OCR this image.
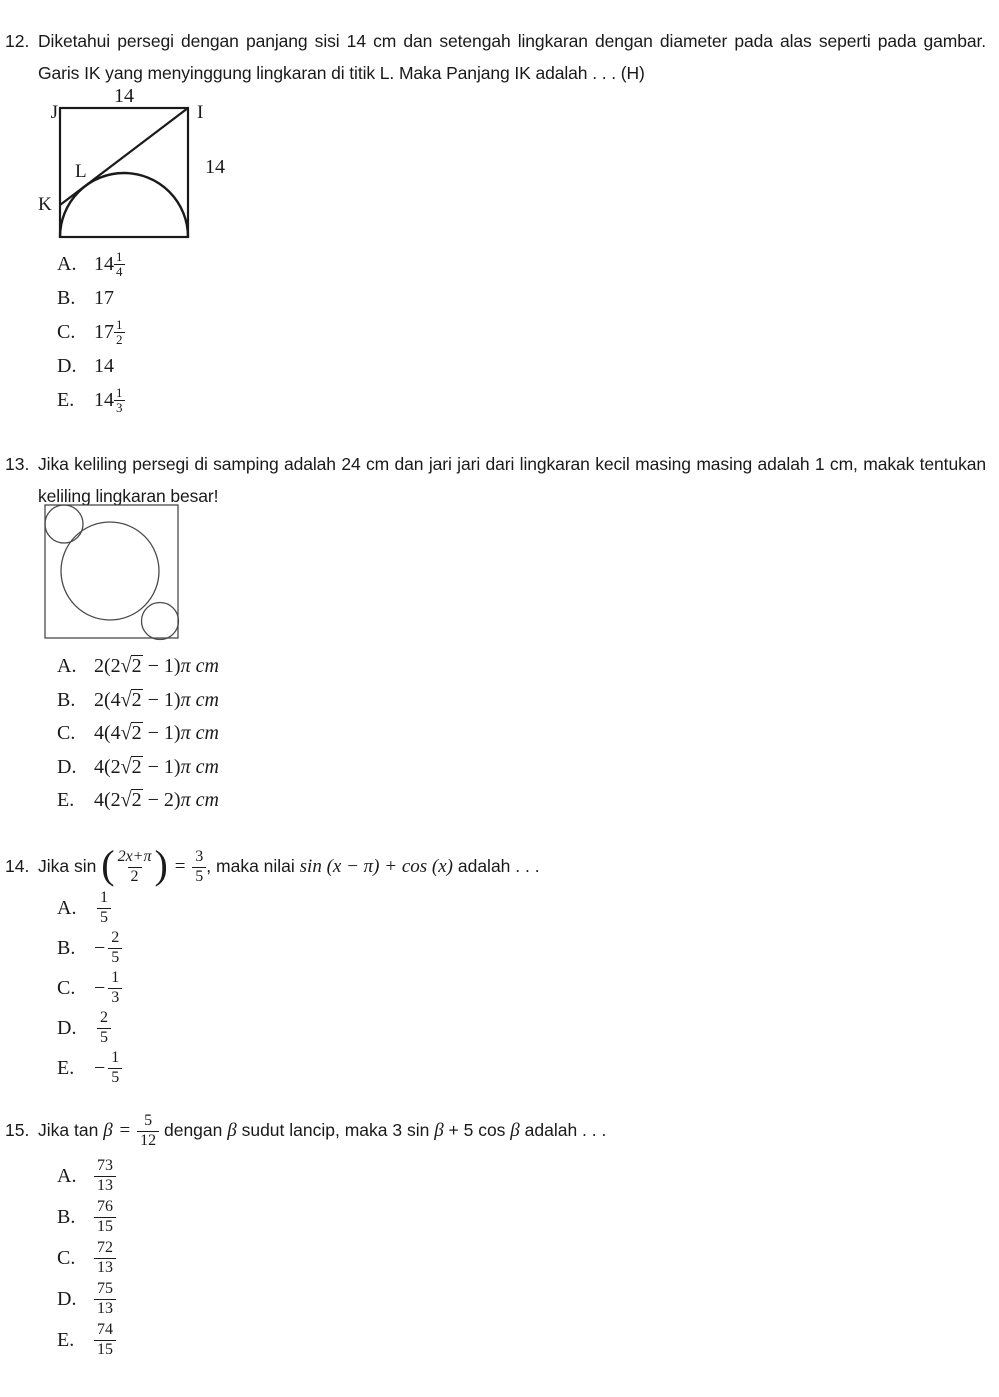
12. Diketahui persegi dengan panjang sisi 14 cm dan setengah lingkaran dengan diameter pada alas seperti pada gambar. Garis IK yang menyinggung lingkaran di titik L. Maka Panjang IK adalah . . . (H)
14
J	I
14
L
K
A. $14 \frac{1}{4}$
B. 17
C. $17 \frac{1}{2}$
D. 14
E. $14 \frac{1}{3}$
13. Jika keliling persegi di samping adalah 24 cm dan jari jari dari lingkaran kecil masing masing adalah 1 cm, makak tentukan keliling lingkaran besar!
A. 2(2√2 − 1)π cm
B. 2(4√2 − 1)π cm
C. 4(4√2 − 1)π cm
D. 4(2√2 − 1)π cm
E. 4(2√2 − 2)π cm
14. Jika sin ( $\frac{2x+\pi}{2}$ ) = $\frac{3}{5}$ , maka nilai sin (x − π) + cos (x) adalah . . .
A.	$\frac{1}{5}$
B. − $\frac{2}{5}$
C. − $\frac{1}{3}$
D.	$\frac{2}{5}$
E. − $\frac{1}{5}$
15. Jika $\tan \beta = \frac{5}{12}$ dengan β sudut lancip, maka 3 sin β + 5 cos β adalah . . .
A.	$\frac{73}{13}$
B.	$\frac{76}{15}$
C.	$\frac{72}{13}$
D.	$\frac{75}{13}$
E.	$\frac{74}{15}$
